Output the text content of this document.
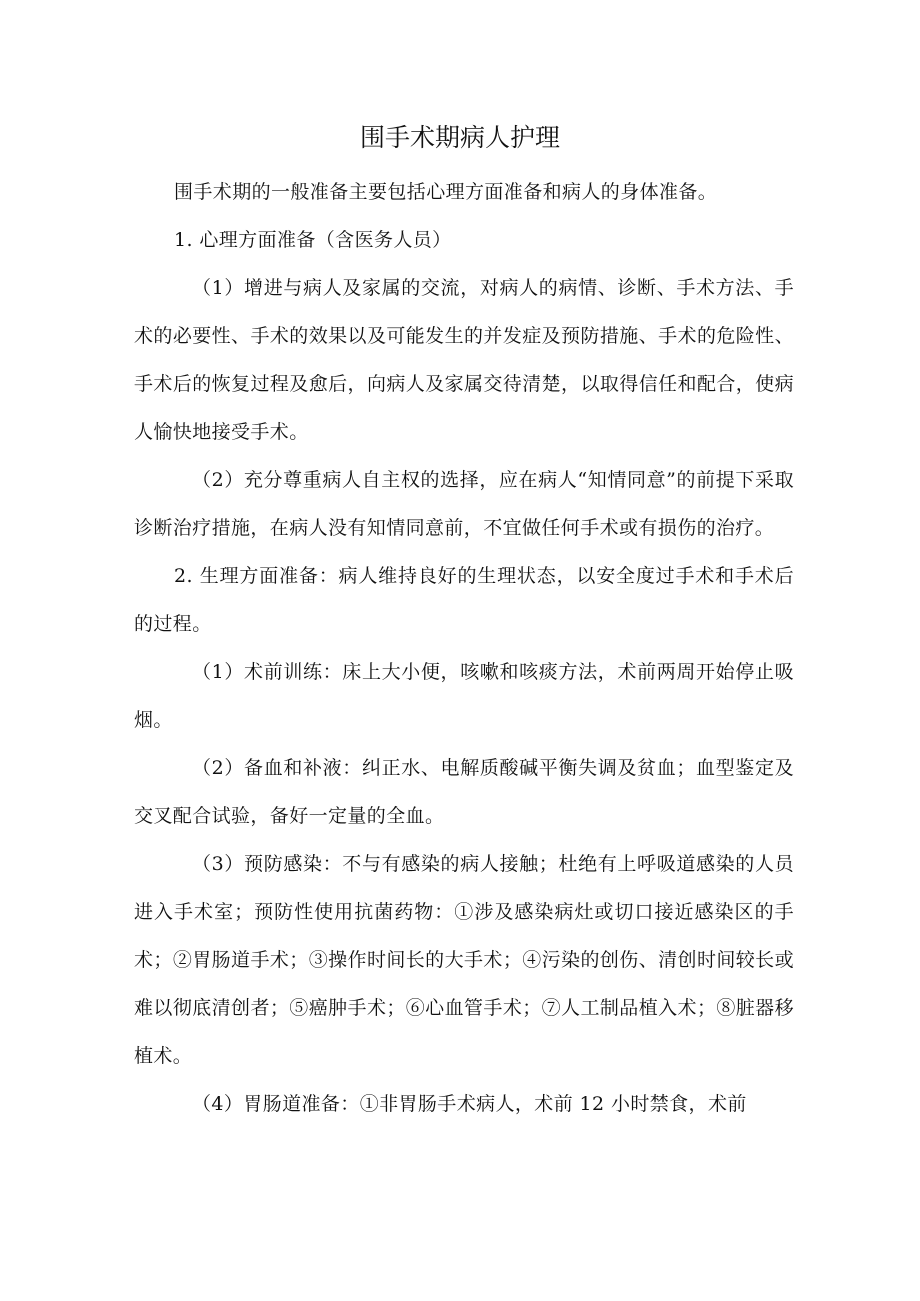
围手术期病人护理

围手术期的一般准备主要包括心理方面准备和病人的身体准备。

1. 心理方面准备（含医务人员）

（1）增进与病人及家属的交流，对病人的病情、诊断、手术方法、手术的必要性、手术的效果以及可能发生的并发症及预防措施、手术的危险性、手术后的恢复过程及愈后，向病人及家属交待清楚，以取得信任和配合，使病人愉快地接受手术。

（2）充分尊重病人自主权的选择，应在病人“知情同意”的前提下采取诊断治疗措施，在病人没有知情同意前，不宜做任何手术或有损伤的治疗。

2. 生理方面准备：病人维持良好的生理状态，以安全度过手术和手术后的过程。

（1）术前训练：床上大小便，咳嗽和咳痰方法，术前两周开始停止吸烟。

（2）备血和补液：纠正水、电解质酸碱平衡失调及贫血；血型鉴定及交叉配合试验，备好一定量的全血。

（3）预防感染：不与有感染的病人接触；杜绝有上呼吸道感染的人员进入手术室；预防性使用抗菌药物：①涉及感染病灶或切口接近感染区的手术；②胃肠道手术；③操作时间长的大手术；④污染的创伤、清创时间较长或难以彻底清创者；⑤癌肿手术；⑥心血管手术；⑦人工制品植入术；⑧脏器移植术。

（4）胃肠道准备：①非胃肠手术病人，术前 12 小时禁食，术前
